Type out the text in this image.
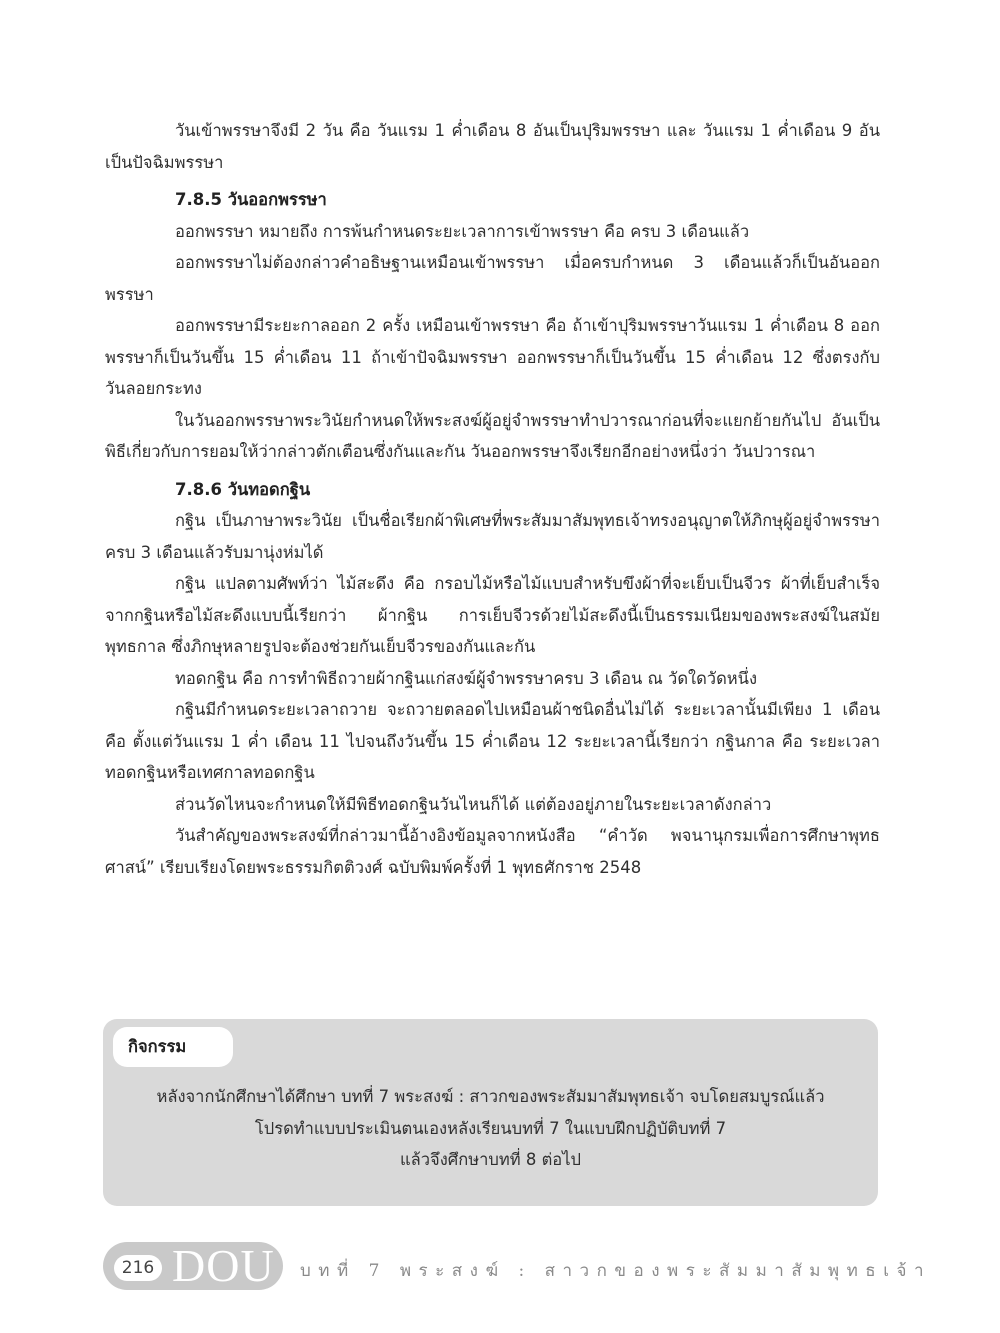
วันเข้าพรรษาจึงมี 2 วัน คือ วันแรม 1 ค่ำเดือน 8 อันเป็นปุริมพรรษา และ วันแรม 1 ค่ำเดือน 9 อันเป็นปัจฉิมพรรษา

7.8.5 วันออกพรรษา

ออกพรรษา หมายถึง การพ้นกำหนดระยะเวลาการเข้าพรรษา คือ ครบ 3 เดือนแล้ว

ออกพรรษาไม่ต้องกล่าวคำอธิษฐานเหมือนเข้าพรรษา เมื่อครบกำหนด 3 เดือนแล้วก็เป็นอันออกพรรษา

ออกพรรษามีระยะกาลออก 2 ครั้ง เหมือนเข้าพรรษา คือ ถ้าเข้าปุริมพรรษาวันแรม 1 ค่ำเดือน 8 ออกพรรษาก็เป็นวันขึ้น 15 ค่ำเดือน 11 ถ้าเข้าปัจฉิมพรรษา ออกพรรษาก็เป็นวันขึ้น 15 ค่ำเดือน 12 ซึ่งตรงกับวันลอยกระทง

ในวันออกพรรษาพระวินัยกำหนดให้พระสงฆ์ผู้อยู่จำพรรษาทำปวารณาก่อนที่จะแยกย้ายกันไป อันเป็นพิธีเกี่ยวกับการยอมให้ว่ากล่าวตักเตือนซึ่งกันและกัน วันออกพรรษาจึงเรียกอีกอย่างหนึ่งว่า วันปวารณา

7.8.6 วันทอดกฐิน

กฐิน เป็นภาษาพระวินัย เป็นชื่อเรียกผ้าพิเศษที่พระสัมมาสัมพุทธเจ้าทรงอนุญาตให้ภิกษุผู้อยู่จำพรรษาครบ 3 เดือนแล้วรับมานุ่งห่มได้

กฐิน แปลตามศัพท์ว่า ไม้สะดึง คือ กรอบไม้หรือไม้แบบสำหรับขึงผ้าที่จะเย็บเป็นจีวร ผ้าที่เย็บสำเร็จจากกฐินหรือไม้สะดึงแบบนี้เรียกว่า ผ้ากฐิน การเย็บจีวรด้วยไม้สะดึงนี้เป็นธรรมเนียมของพระสงฆ์ในสมัยพุทธกาล ซึ่งภิกษุหลายรูปจะต้องช่วยกันเย็บจีวรของกันและกัน

ทอดกฐิน คือ การทำพิธีถวายผ้ากฐินแก่สงฆ์ผู้จำพรรษาครบ 3 เดือน ณ วัดใดวัดหนึ่ง

กฐินมีกำหนดระยะเวลาถวาย จะถวายตลอดไปเหมือนผ้าชนิดอื่นไม่ได้ ระยะเวลานั้นมีเพียง 1 เดือน คือ ตั้งแต่วันแรม 1 ค่ำ เดือน 11 ไปจนถึงวันขึ้น 15 ค่ำเดือน 12 ระยะเวลานี้เรียกว่า กฐินกาล คือ ระยะเวลาทอดกฐินหรือเทศกาลทอดกฐิน

ส่วนวัดไหนจะกำหนดให้มีพิธีทอดกฐินวันไหนก็ได้ แต่ต้องอยู่ภายในระยะเวลาดังกล่าว

วันสำคัญของพระสงฆ์ที่กล่าวมานี้อ้างอิงข้อมูลจากหนังสือ “คำวัด พจนานุกรมเพื่อการศึกษาพุทธศาสน์” เรียบเรียงโดยพระธรรมกิตติวงศ์ ฉบับพิมพ์ครั้งที่ 1 พุทธศักราช 2548

กิจกรรม
หลังจากนักศึกษาได้ศึกษา บทที่ 7 พระสงฆ์ : สาวกของพระสัมมาสัมพุทธเจ้า จบโดยสมบูรณ์แล้ว
โปรดทำแบบประเมินตนเองหลังเรียนบทที่ 7 ในแบบฝึกปฏิบัติบทที่ 7
แล้วจึงศึกษาบทที่ 8 ต่อไป
216 DOU บทที่ 7 พระสงฆ์ : สาวกของพระสัมมาสัมพุทธเจ้า
